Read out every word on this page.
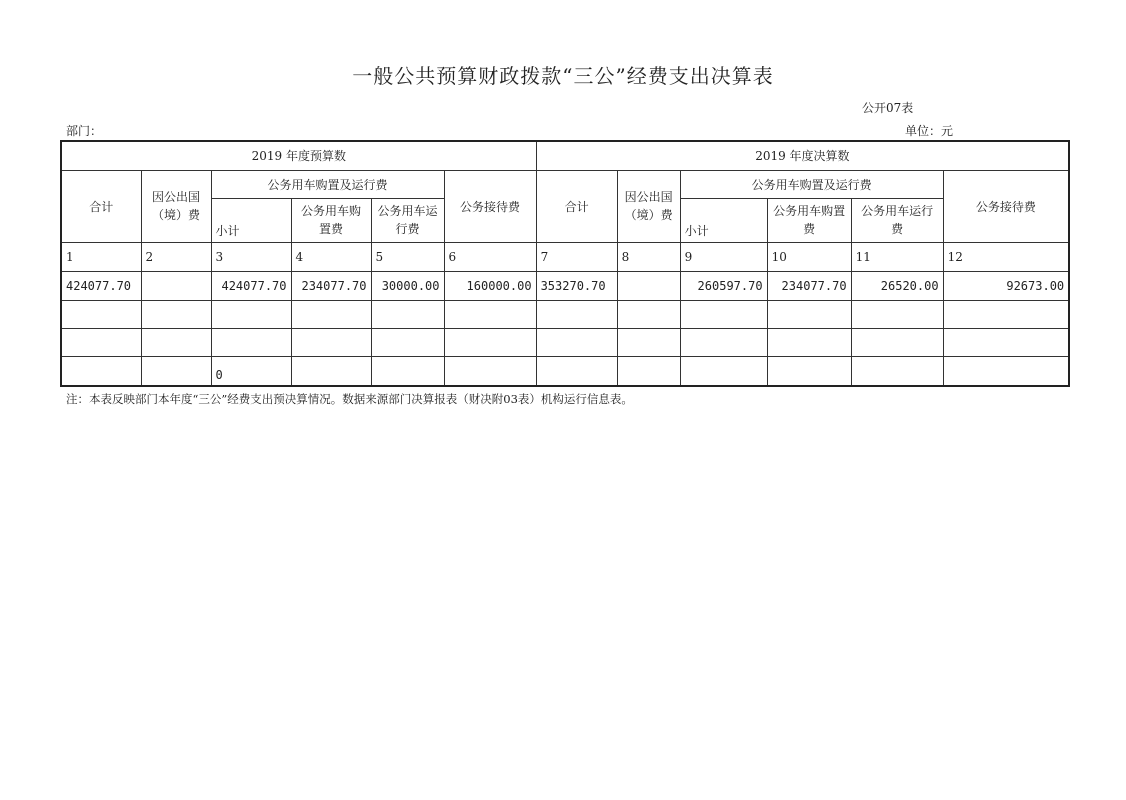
一般公共预算财政拨款“三公”经费支出决算表
公开07表
部门：	单位：元
2019 年度预算数						2019 年度决算数					
合计	因公出国（境）费	公务用车购置及运行费			公务接待费	合计	因公出国（境）费	公务用车购置及运行费			公务接待费
		小计	公务用车购置费	公务用车运行费				小计	公务用车购置费	公务用车运行费	
1	2	3	4	5	6	7	8	9	10	11	12
424077.70		424077.70	234077.70	30000.00	160000.00	353270.70		260597.70	234077.70	26520.00	92673.00

		0									
注：本表反映部门本年度“三公”经费支出预决算情况。数据来源部门决算报表（财决附03表）机构运行信息表。
